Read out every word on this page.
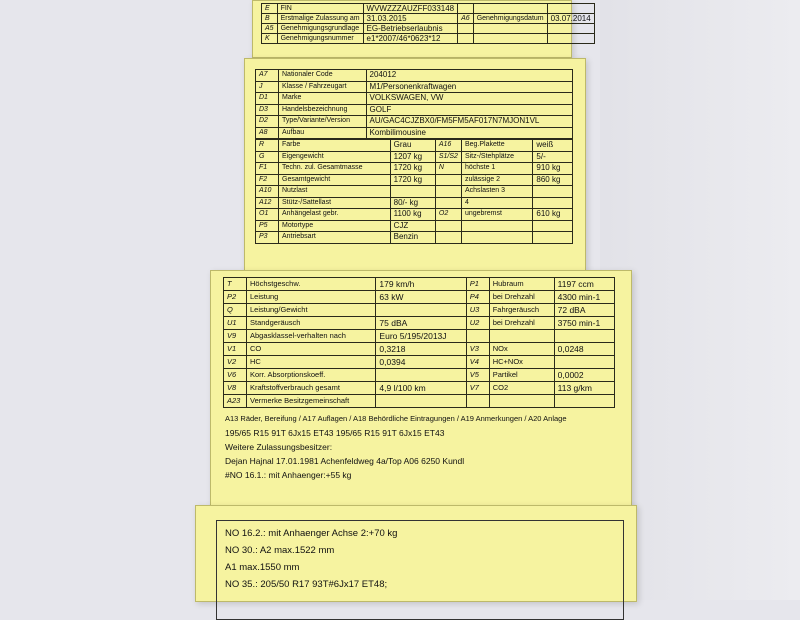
E	FIN	WVWZZZAUZFF033148			
B	Erstmalige Zulassung am	31.03.2015	A6	Genehmigungsdatum	03.07.2014
A5	Genehmigungsgrundlage	EG-Betriebserlaubnis			
K	Genehmigungsnummer	e1*2007/46*0623*12			
A7	Nationaler Code	204012
J	Klasse / Fahrzeugart	M1/Personenkraftwagen
D1	Marke	VOLKSWAGEN, VW
D3	Handelsbezeichnung	GOLF
D2	Type/Variante/Version	AU/GAC4CJZBX0/FM5FM5AF017N7MJON1VL
A8	Aufbau	Kombilimousine
R	Farbe	Grau	A16	Beg.Plakette	weiß
G	Eigengewicht	1207 kg	S1/S2	Sitz-/Stehplätze	5/-
F1	Techn. zul. Gesamtmasse	1720 kg	N	höchste 1	910 kg
F2	Gesamtgewicht	1720 kg		zulässige 2	860 kg
A10	Nutzlast			Achslasten 3	
A12	Stütz-/Sattellast	80/- kg		4	
O1	Anhängelast gebr.	1100 kg	O2	ungebremst	610 kg
P5	Motortype	CJZ			
P3	Antriebsart	Benzin			
T	Höchstgeschw.	179 km/h	P1	Hubraum	1197 ccm
P2	Leistung	63 kW	P4	bei Drehzahl	4300 min-1
Q	Leistung/Gewicht		U3	Fahrgeräusch	72 dBA
U1	Standgeräusch	75 dBA	U2	bei Drehzahl	3750 min-1
V9	Abgasklassel-verhalten nach	Euro 5/195/2013J			
V1	CO	0,3218	V3	NOx	0,0248
V2	HC	0,0394	V4	HC+NOx	
V6	Korr. Absorptionskoeff.		V5	Partikel	0,0002
V8	Kraftstoffverbrauch gesamt	4,9 l/100 km	V7	CO2	113 g/km
A23	Vermerke Besitzgemeinschaft				
A13 Räder, Bereifung / A17 Auflagen / A18 Behördliche Eintragungen / A19 Anmerkungen / A20 Anlage
195/65 R15 91T 6Jx15 ET43 195/65 R15 91T 6Jx15 ET43
Weitere Zulassungsbesitzer:
Dejan Hajnal 17.01.1981 Achenfeldweg 4a/Top A06 6250 Kundl
#NO 16.1.: mit Anhaenger:+55 kg
NO 16.2.: mit Anhaenger Achse 2:+70 kg
NO 30.: A2 max.1522 mm
A1 max.1550 mm
NO 35.: 205/50 R17 93T#6Jx17 ET48;
